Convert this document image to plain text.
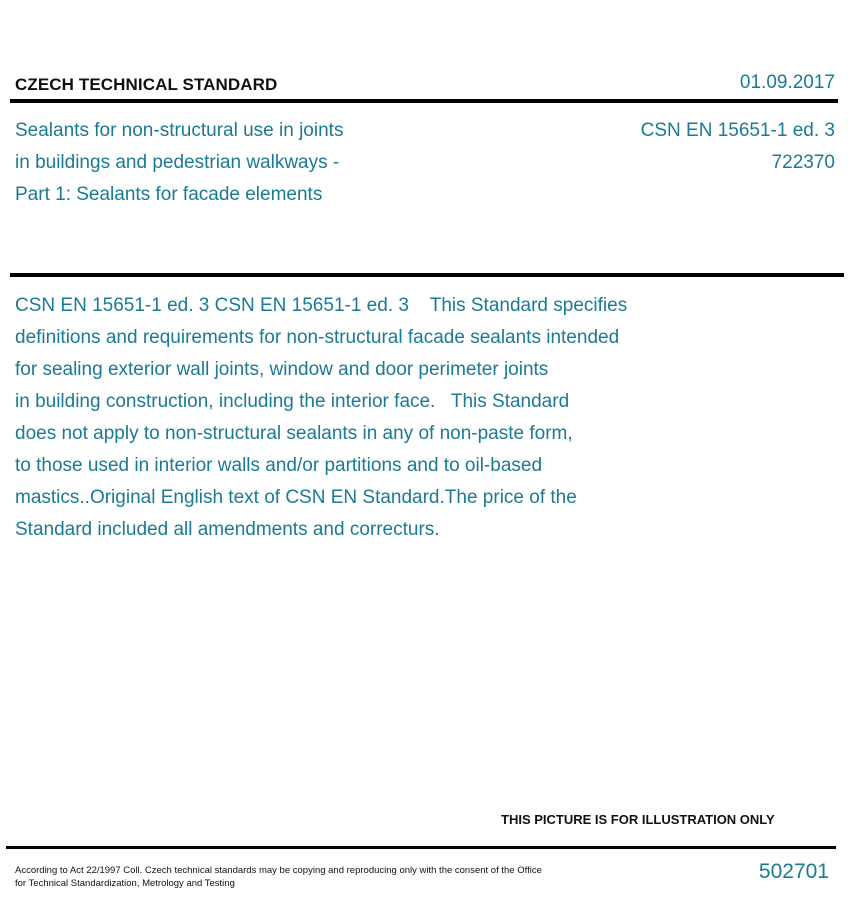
CZECH TECHNICAL STANDARD	01.09.2017
Sealants for non-structural use in joints
in buildings and pedestrian walkways -
Part 1: Sealants for facade elements
CSN EN 15651-1 ed. 3
722370
CSN EN 15651-1 ed. 3 CSN EN 15651-1 ed. 3    This Standard specifies
definitions and requirements for non-structural facade sealants intended
for sealing exterior wall joints, window and door perimeter joints
in building construction, including the interior face.   This Standard
does not apply to non-structural sealants in any of non-paste form,
to those used in interior walls and/or partitions and to oil-based
mastics..Original English text of CSN EN Standard.The price of the
Standard included all amendments and correcturs.
THIS PICTURE IS FOR ILLUSTRATION ONLY
According to Act 22/1997 Coll. Czech technical standards may be copying and reproducing only with the consent of the Office
for Technical Standardization, Metrology and Testing
502701
